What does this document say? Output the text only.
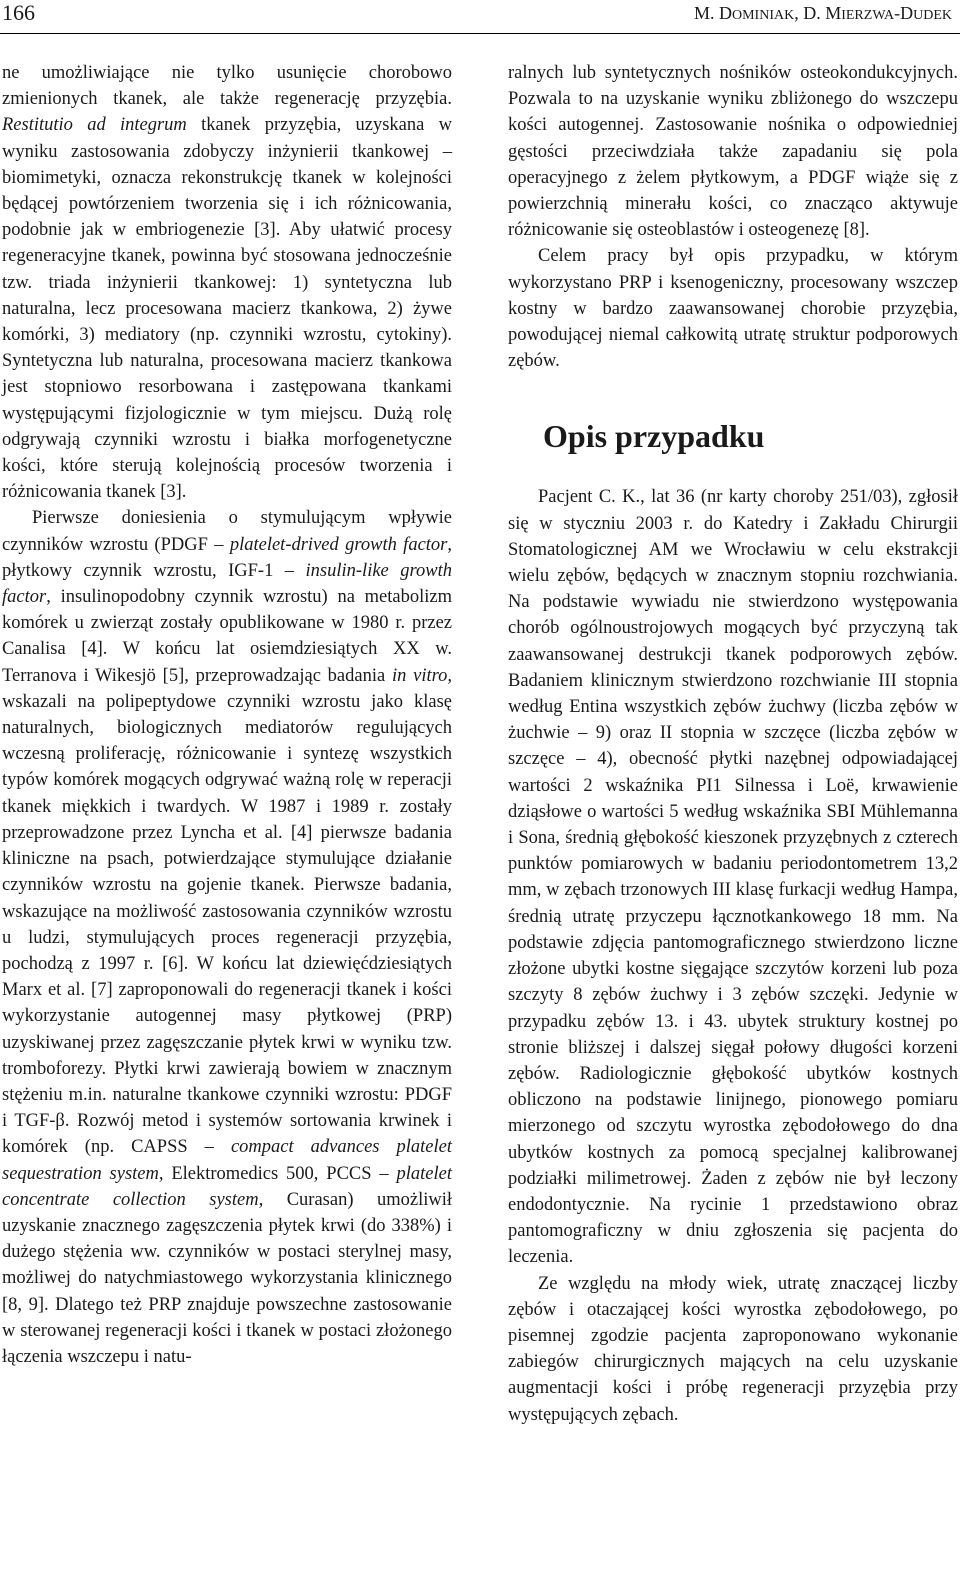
166	M. DOMINIAK, D. MIERZWA-DUDEK

ne umożliwiające nie tylko usunięcie chorobowo zmienionych tkanek, ale także regenerację przyzębia. Restitutio ad integrum tkanek przyzębia, uzyskana w wyniku zastosowania zdobyczy inżynierii tkankowej – biomimetyki, oznacza rekonstrukcję tkanek w kolejności będącej powtórzeniem tworzenia się i ich różnicowania, podobnie jak w embriogenezie [3]. Aby ułatwić procesy regeneracyjne tkanek, powinna być stosowana jednocześnie tzw. triada inżynierii tkankowej: 1) syntetyczna lub naturalna, lecz procesowana macierz tkankowa, 2) żywe komórki, 3) mediatory (np. czynniki wzrostu, cytokiny). Syntetyczna lub naturalna, procesowana macierz tkankowa jest stopniowo resorbowana i zastępowana tkankami występującymi fizjologicznie w tym miejscu. Dużą rolę odgrywają czynniki wzrostu i białka morfogenetyczne kości, które sterują kolejnością procesów tworzenia i różnicowania tkanek [3].

Pierwsze doniesienia o stymulującym wpływie czynników wzrostu (PDGF – platelet-drived growth factor, płytkowy czynnik wzrostu, IGF-1 – insulin-like growth factor, insulinopodobny czynnik wzrostu) na metabolizm komórek u zwierząt zostały opublikowane w 1980 r. przez Canalisa [4]. W końcu lat osiemdziesiątych XX w. Terranova i Wikesjö [5], przeprowadzając badania in vitro, wskazali na polipeptydowe czynniki wzrostu jako klasę naturalnych, biologicznych mediatorów regulujących wczesną proliferację, różnicowanie i syntezę wszystkich typów komórek mogących odgrywać ważną rolę w reperacji tkanek miękkich i twardych. W 1987 i 1989 r. zostały przeprowadzone przez Lyncha et al. [4] pierwsze badania kliniczne na psach, potwierdzające stymulujące działanie czynników wzrostu na gojenie tkanek. Pierwsze badania, wskazujące na możliwość zastosowania czynników wzrostu u ludzi, stymulujących proces regeneracji przyzębia, pochodzą z 1997 r. [6]. W końcu lat dziewięćdziesiątych Marx et al. [7] zaproponowali do regeneracji tkanek i kości wykorzystanie autogennej masy płytkowej (PRP) uzyskiwanej przez zagęszczanie płytek krwi w wyniku tzw. tromboforezy. Płytki krwi zawierają bowiem w znacznym stężeniu m.in. naturalne tkankowe czynniki wzrostu: PDGF i TGF-β. Rozwój metod i systemów sortowania krwinek i komórek (np. CAPSS – compact advances platelet sequestration system, Elektromedics 500, PCCS – platelet concentrate collection system, Curasan) umożliwił uzyskanie znacznego zagęszczenia płytek krwi (do 338%) i dużego stężenia ww. czynników w postaci sterylnej masy, możliwej do natychmiastowego wykorzystania klinicznego [8, 9]. Dlatego też PRP znajduje powszechne zastosowanie w sterowanej regeneracji kości i tkanek w postaci złożonego łączenia wszczepu i natu-

ralnych lub syntetycznych nośników osteokondukcyjnych. Pozwala to na uzyskanie wyniku zbliżonego do wszczepu kości autogennej. Zastosowanie nośnika o odpowiedniej gęstości przeciwdziała także zapadaniu się pola operacyjnego z żelem płytkowym, a PDGF wiąże się z powierzchnią minerału kości, co znacząco aktywuje różnicowanie się osteoblastów i osteogenezę [8].

Celem pracy był opis przypadku, w którym wykorzystano PRP i ksenogeniczny, procesowany wszczep kostny w bardzo zaawansowanej chorobie przyzębia, powodującej niemal całkowitą utratę struktur podporowych zębów.

Opis przypadku

Pacjent C. K., lat 36 (nr karty choroby 251/03), zgłosił się w styczniu 2003 r. do Katedry i Zakładu Chirurgii Stomatologicznej AM we Wrocławiu w celu ekstrakcji wielu zębów, będących w znacznym stopniu rozchwiania. Na podstawie wywiadu nie stwierdzono występowania chorób ogólnoustrojowych mogących być przyczyną tak zaawansowanej destrukcji tkanek podporowych zębów. Badaniem klinicznym stwierdzono rozchwianie III stopnia według Entina wszystkich zębów żuchwy (liczba zębów w żuchwie – 9) oraz II stopnia w szczęce (liczba zębów w szczęce – 4), obecność płytki nazębnej odpowiadającej wartości 2 wskaźnika PI1 Silnessa i Loë, krwawienie dziąsłowe o wartości 5 według wskaźnika SBI Mühlemanna i Sona, średnią głębokość kieszonek przyzębnych z czterech punktów pomiarowych w badaniu periodontometrem 13,2 mm, w zębach trzonowych III klasę furkacji według Hampa, średnią utratę przyczepu łącznotkankowego 18 mm. Na podstawie zdjęcia pantomograficznego stwierdzono liczne złożone ubytki kostne sięgające szczytów korzeni lub poza szczyty 8 zębów żuchwy i 3 zębów szczęki. Jedynie w przypadku zębów 13. i 43. ubytek struktury kostnej po stronie bliższej i dalszej sięgał połowy długości korzeni zębów. Radiologicznie głębokość ubytków kostnych obliczono na podstawie linijnego, pionowego pomiaru mierzonego od szczytu wyrostka zębodołowego do dna ubytków kostnych za pomocą specjalnej kalibrowanej podziałki milimetrowej. Żaden z zębów nie był leczony endodontycznie. Na rycinie 1 przedstawiono obraz pantomograficzny w dniu zgłoszenia się pacjenta do leczenia.

Ze względu na młody wiek, utratę znaczącej liczby zębów i otaczającej kości wyrostka zębodołowego, po pisemnej zgodzie pacjenta zaproponowano wykonanie zabiegów chirurgicznych mających na celu uzyskanie augmentacji kości i próbę regeneracji przyzębia przy występujących zębach.
